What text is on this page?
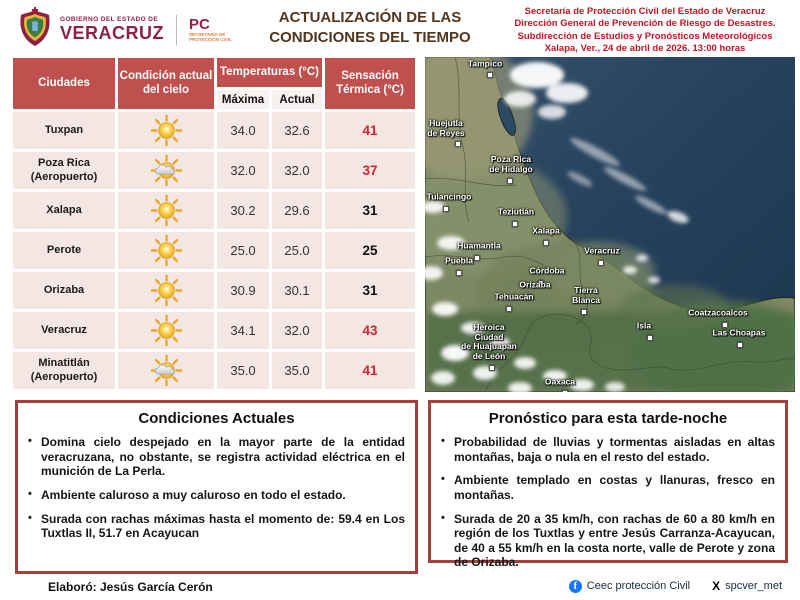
GOBIERNO DEL ESTADO DE
VERACRUZ PC
SECRETARÍA DE
PROTECCIÓN CIVIL
ACTUALIZACIÓN DE LAS
CONDICIONES DEL TIEMPO
Secretaría de Protección Civil del Estado de Veracruz
Dirección General de Prevención de Riesgo de Desastres.
Subdirección de Estudios y Pronósticos Meteorológicos
Xalapa, Ver., 24 de abril de 2026. 13:00 horas
Ciudades	Condición actual del cielo	Temperaturas (°C)		Sensación Térmica (°C)
		Máxima	Actual	
Tuxpan		34.0	32.6	41
Poza Rica (Aeropuerto)		32.0	32.0	37
Xalapa		30.2	29.6	31
Perote		25.0	25.0	25
Orizaba		30.9	30.1	31
Veracruz		34.1	32.0	43
Minatitlán (Aeropuerto)		35.0	35.0	41
Tampico
Huejutla
de Reyes
Poza Rica
de Hidalgo
Tulancingo
Teziutlán
Xalapa
Huamantla	Veracruz
Puebla
Córdoba
Orizaba
Tehuacán
Tierra
Blanca
Heroica
Ciudad
de Huajuapan
de León
Isla
Coatzacoalcos
Las Choapas
Oaxaca
Condiciones Actuales
• Domina cielo despejado en la mayor parte de la entidad veracruzana, no obstante, se registra actividad eléctrica en el munición de La Perla.
• Ambiente caluroso a muy caluroso en todo el estado.
• Surada con rachas máximas hasta el momento de: 59.4 en Los Tuxtlas II, 51.7 en Acayucan
Pronóstico para esta tarde-noche
• Probabilidad de lluvias y tormentas aisladas en altas montañas, baja o nula en el resto del estado.
• Ambiente templado en costas y llanuras, fresco en montañas.
• Surada de 20 a 35 km/h, con rachas de 60 a 80 km/h en región de los Tuxtlas y entre Jesús Carranza-Acayucan, de 40 a 55 km/h en la costa norte, valle de Perote y zona de Orizaba.
Elaboró: Jesús García Cerón	f Ceec protección Civil X spcver_met
